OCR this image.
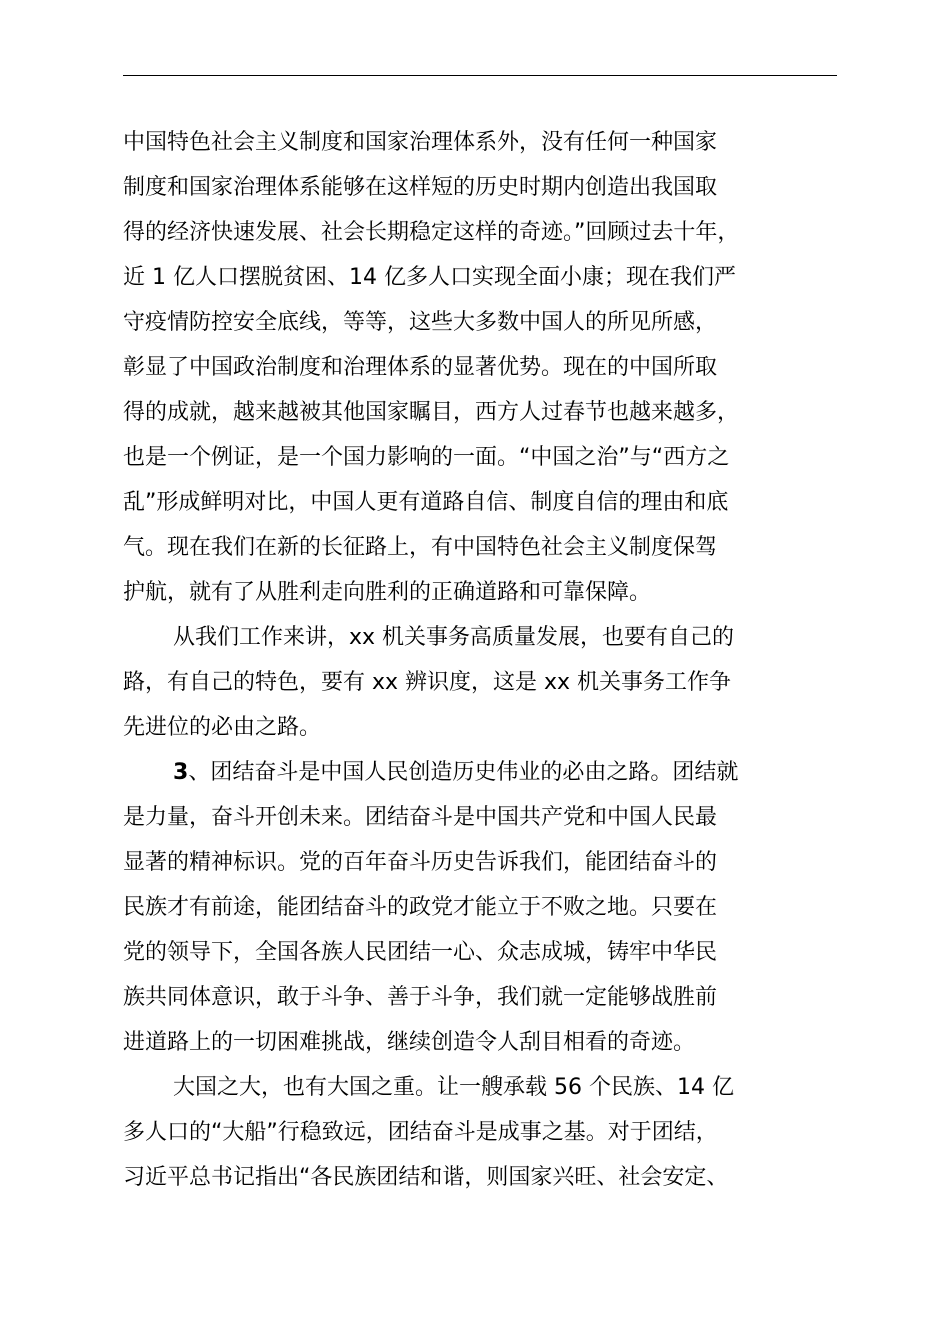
中国特色社会主义制度和国家治理体系外，没有任何一种国家
制度和国家治理体系能够在这样短的历史时期内创造出我国取
得的经济快速发展、社会长期稳定这样的奇迹。”回顾过去十年，
近 1 亿人口摆脱贫困、14 亿多人口实现全面小康；现在我们严
守疫情防控安全底线，等等，这些大多数中国人的所见所感，
彰显了中国政治制度和治理体系的显著优势。现在的中国所取
得的成就，越来越被其他国家瞩目，西方人过春节也越来越多，
也是一个例证，是一个国力影响的一面。“中国之治”与“西方之
乱”形成鲜明对比，中国人更有道路自信、制度自信的理由和底
气。现在我们在新的长征路上，有中国特色社会主义制度保驾
护航，就有了从胜利走向胜利的正确道路和可靠保障。
从我们工作来讲，xx 机关事务高质量发展，也要有自己的
路，有自己的特色，要有 xx 辨识度，这是 xx 机关事务工作争
先进位的必由之路。
3、团结奋斗是中国人民创造历史伟业的必由之路。团结就
是力量，奋斗开创未来。团结奋斗是中国共产党和中国人民最
显著的精神标识。党的百年奋斗历史告诉我们，能团结奋斗的
民族才有前途，能团结奋斗的政党才能立于不败之地。只要在
党的领导下，全国各族人民团结一心、众志成城，铸牢中华民
族共同体意识，敢于斗争、善于斗争，我们就一定能够战胜前
进道路上的一切困难挑战，继续创造令人刮目相看的奇迹。
大国之大，也有大国之重。让一艘承载 56 个民族、14 亿
多人口的“大船”行稳致远，团结奋斗是成事之基。对于团结，
习近平总书记指出“各民族团结和谐，则国家兴旺、社会安定、
